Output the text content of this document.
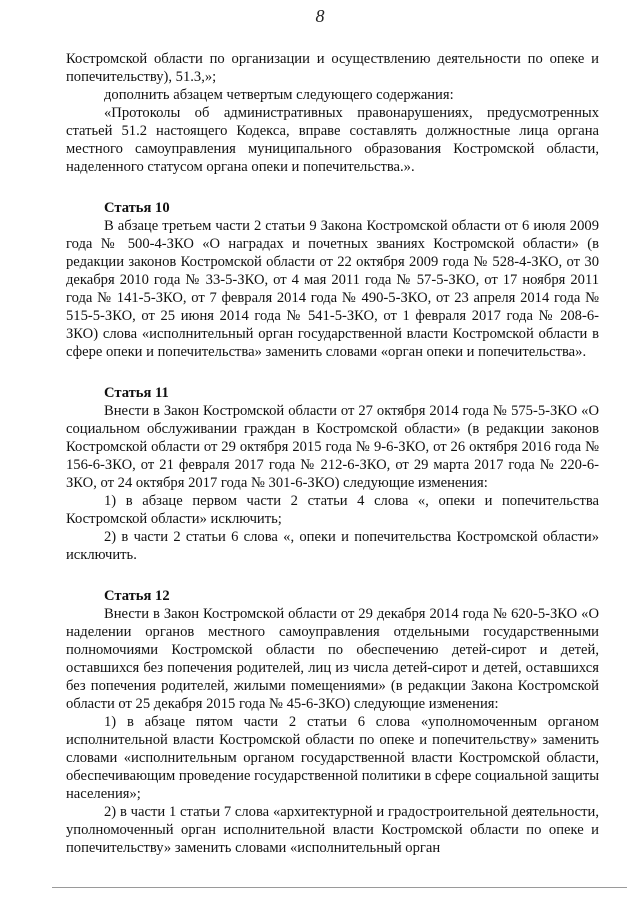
8

Костромской области по организации и осуществлению деятельности по опеке и попечительству), 51.3,»;

дополнить абзацем четвертым следующего содержания:

«Протоколы об административных правонарушениях, предусмотренных статьей 51.2 настоящего Кодекса, вправе составлять должностные лица органа местного самоуправления муниципального образования Костромской области, наделенного статусом органа опеки и попечительства.».

Статья 10

В абзаце третьем части 2 статьи 9 Закона Костромской области от 6 июля 2009 года № 500-4-ЗКО «О наградах и почетных званиях Костромской области» (в редакции законов Костромской области от 22 октября 2009 года № 528-4-ЗКО, от 30 декабря 2010 года № 33-5-ЗКО, от 4 мая 2011 года № 57-5-ЗКО, от 17 ноября 2011 года № 141-5-ЗКО, от 7 февраля 2014 года № 490-5-ЗКО, от 23 апреля 2014 года № 515-5-ЗКО, от 25 июня 2014 года № 541-5-ЗКО, от 1 февраля 2017 года № 208-6-ЗКО) слова «исполнительный орган государственной власти Костромской области в сфере опеки и попечительства» заменить словами «орган опеки и попечительства».

Статья 11

Внести в Закон Костромской области от 27 октября 2014 года № 575-5-ЗКО «О социальном обслуживании граждан в Костромской области» (в редакции законов Костромской области от 29 октября 2015 года № 9-6-ЗКО, от 26 октября 2016 года № 156-6-ЗКО, от 21 февраля 2017 года № 212-6-ЗКО, от 29 марта 2017 года № 220-6-ЗКО, от 24 октября 2017 года № 301-6-ЗКО) следующие изменения:

1) в абзаце первом части 2 статьи 4 слова «, опеки и попечительства Костромской области» исключить;

2) в части 2 статьи 6 слова «, опеки и попечительства Костромской области» исключить.

Статья 12

Внести в Закон Костромской области от 29 декабря 2014 года № 620-5-ЗКО «О наделении органов местного самоуправления отдельными государственными полномочиями Костромской области по обеспечению детей-сирот и детей, оставшихся без попечения родителей, лиц из числа детей-сирот и детей, оставшихся без попечения родителей, жилыми помещениями» (в редакции Закона Костромской области от 25 декабря 2015 года № 45-6-ЗКО) следующие изменения:

1) в абзаце пятом части 2 статьи 6 слова «уполномоченным органом исполнительной власти Костромской области по опеке и попечительству» заменить словами «исполнительным органом государственной власти Костромской области, обеспечивающим проведение государственной политики в сфере социальной защиты населения»;

2) в части 1 статьи 7 слова «архитектурной и градостроительной деятельности, уполномоченный орган исполнительной власти Костромской области по опеке и попечительству» заменить словами «исполнительный орган
